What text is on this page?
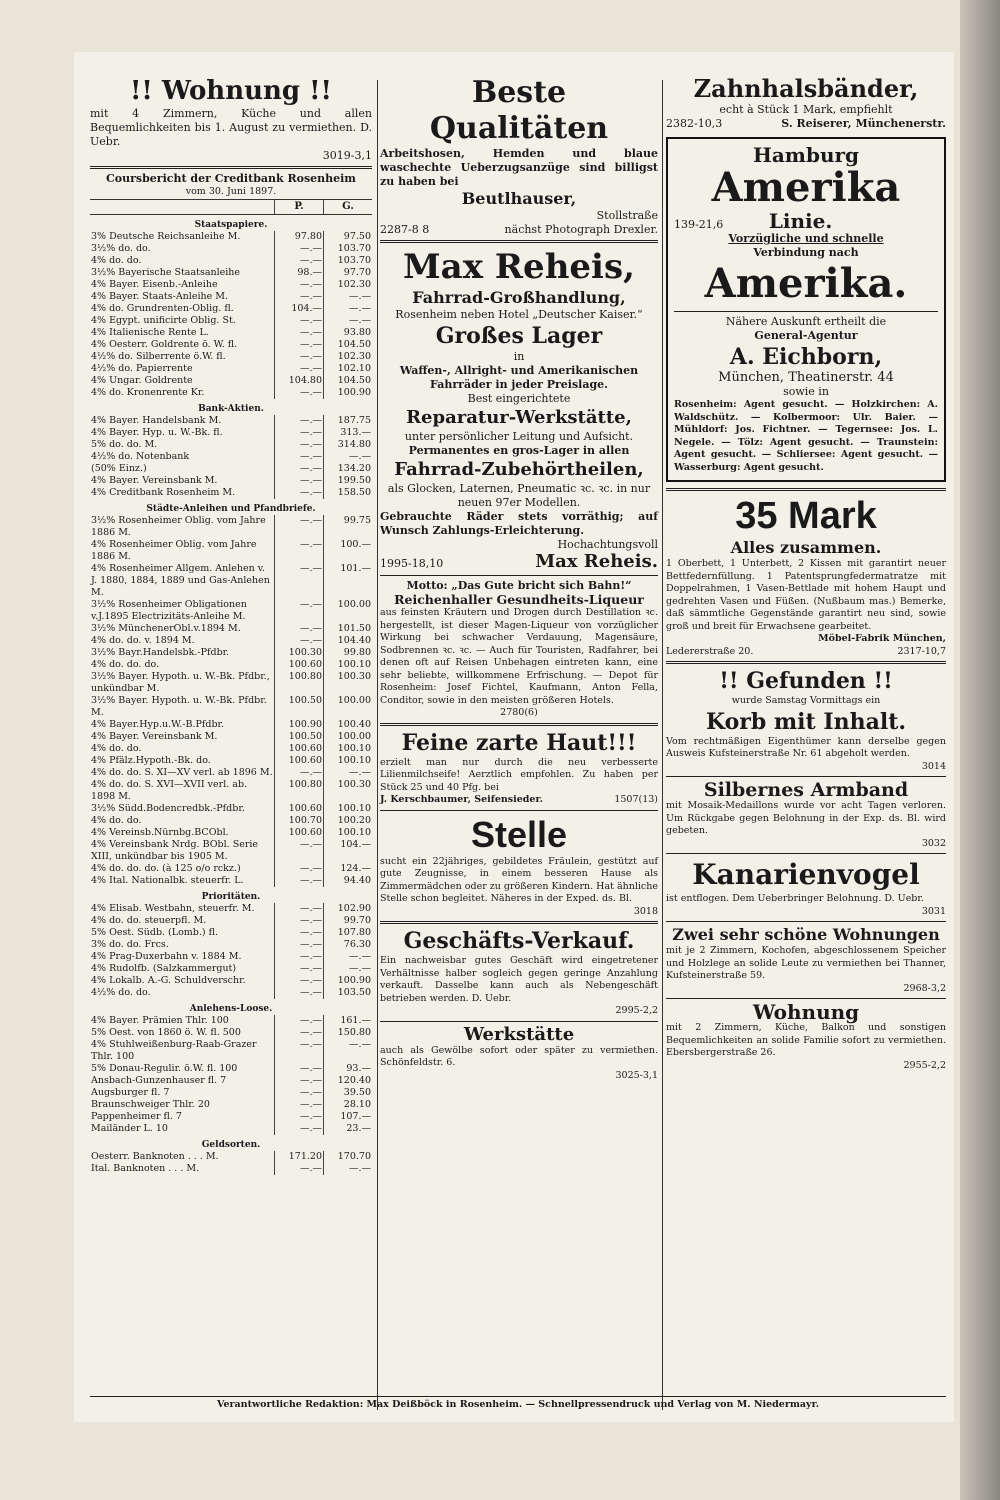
!! Wohnung !!
mit 4 Zimmern, Küche und allen Bequemlichkeiten bis 1. August zu vermiethen. D. Uebr.
3019-3,1
Coursbericht der Creditbank Rosenheim
vom 30. Juni 1897.
	P.	G.
Staatspapiere.		
3% Deutsche Reichsanleihe M.	97.80	97.50
3½% do. do.	—.—	103.70
4% do. do.	—.—	103.70
3½% Bayerische Staatsanleihe	98.—	97.70
4% Bayer. Eisenb.-Anleihe	—.—	102.30
4% Bayer. Staats-Anleihe M.	—.—	—.—
4% do. Grundrenten-Oblig. fl.	104.—	—.—
4% Egypt. unificirte Oblig. St.	—.—	—.—
4% Italienische Rente L.	—.—	93.80
4% Oesterr. Goldrente ö. W. fl.	—.—	104.50
4½% do. Silberrente ö.W. fl.	—.—	102.30
4½% do. Papierrente	—.—	102.10
4% Ungar. Goldrente	104.80	104.50
4% do. Kronenrente Kr.	—.—	100.90
Bank-Aktien.		
4% Bayer. Handelsbank M.	—.—	187.75
4% Bayer. Hyp. u. W.-Bk. fl.	—.—	313.—
5% do. do. M.	—.—	314.80
4½% do. Notenbank	—.—	—.—
(50% Einz.)	—.—	134.20
4% Bayer. Vereinsbank M.	—.—	199.50
4% Creditbank Rosenheim M.	—.—	158.50
Städte-Anleihen und Pfandbriefe.		
3½% Rosenheimer Oblig. vom Jahre 1886 M.	—.—	99.75
4% Rosenheimer Oblig. vom Jahre 1886 M.	—.—	100.—
4% Rosenheimer Allgem. Anlehen v. J. 1880, 1884, 1889 und Gas-Anlehen M.	—.—	101.—
3½% Rosenheimer Obligationen v.J.1895 Electrizitäts-Anleihe M.	—.—	100.00
3½% MünchenerObl.v.1894 M.	—.—	101.50
4% do. do. v. 1894 M.	—.—	104.40
3½% Bayr.Handelsbk.-Pfdbr.	100.30	99.80
4% do. do. do.	100.60	100.10
3½% Bayer. Hypoth. u. W.-Bk. Pfdbr., unkündbar M.	100.80	100.30
3½% Bayer. Hypoth. u. W.-Bk. Pfdbr. M.	100.50	100.00
4% Bayer.Hyp.u.W.-B.Pfdbr.	100.90	100.40
4% Bayer. Vereinsbank M.	100.50	100.00
4% do. do.	100.60	100.10
4% Pfälz.Hypoth.-Bk. do.	100.60	100.10
4% do. do. S. XI—XV verl. ab 1896 M.	—.—	—.—
4% do. do. S. XVI—XVII verl. ab. 1898 M.	100.80	100.30
3½% Südd.Bodencredbk.-Pfdbr.	100.60	100.10
4% do. do.	100.70	100.20
4% Vereinsb.Nürnbg.BCObl.	100.60	100.10
4% Vereinsbank Nrdg. BObl. Serie XIII, unkündbar bis 1905 M.	—.—	104.—
4% do. do. do. (à 125 o/o rckz.)	—.—	124.—
4% Ital. Nationalbk. steuerfr. L.	—.—	94.40
Prioritäten.		
4% Elisab. Westbahn, steuerfr. M.	—.—	102.90
4% do. do. steuerpfl. M.	—.—	99.70
5% Oest. Südb. (Lomb.) fl.	—.—	107.80
3% do. do. Frcs.	—.—	76.30
4% Prag-Duxerbahn v. 1884 M.	—.—	—.—
4% Rudolfb. (Salzkammergut)	—.—	—.—
4% Lokalb. A.-G. Schuldverschr.	—.—	100.90
4½% do. do.	—.—	103.50
Anlehens-Loose.		
4% Bayer. Prämien Thlr. 100	—.—	161.—
5% Oest. von 1860 ö. W. fl. 500	—.—	150.80
4% Stuhlweißenburg-Raab-Grazer Thlr. 100	—.—	—.—
5% Donau-Regulir. ö.W. fl. 100	—.—	93.—
Ansbach-Gunzenhauser fl. 7	—.—	120.40
Augsburger fl. 7	—.—	39.50
Braunschweiger Thlr. 20	—.—	28.10
Pappenheimer fl. 7	—.—	107.—
Mailänder L. 10	—.—	23.—
Geldsorten.		
Oesterr. Banknoten . . . M.	171.20	170.70
Ital. Banknoten . . . M.	—.—	—.—
Beste Qualitäten
Arbeitshosen, Hemden und blaue waschechte Ueberzugsanzüge sind billigst zu haben bei
Beutlhauser,
Stollstraße
2287-8 8	nächst Photograph Drexler.
Max Reheis,
Fahrrad-Großhandlung,
Rosenheim neben Hotel „Deutscher Kaiser.“
Großes Lager
in
Waffen-, Allright- und Amerikanischen Fahrräder in jeder Preislage.
Best eingerichtete
Reparatur-Werkstätte,
unter persönlicher Leitung und Aufsicht.
Permanentes en gros-Lager in allen
Fahrrad-Zubehörtheilen,
als Glocken, Laternen, Pneumatic ꝛc. ꝛc. in nur neuen 97er Modellen.
Gebrauchte Räder stets vorräthig; auf Wunsch Zahlungs-Erleichterung.
Hochachtungsvoll
1995-18,10	Max Reheis.
Motto: „Das Gute bricht sich Bahn!“
Reichenhaller Gesundheits-Liqueur
aus feinsten Kräutern und Drogen durch Destillation ꝛc. hergestellt, ist dieser Magen-Liqueur von vorzüglicher Wirkung bei schwacher Verdauung, Magensäure, Sodbrennen ꝛc. ꝛc. — Auch für Touristen, Radfahrer, bei denen oft auf Reisen Unbehagen eintreten kann, eine sehr beliebte, willkommene Erfrischung. — Depot für Rosenheim: Josef Fichtel, Kaufmann, Anton Fella, Conditor, sowie in den meisten größeren Hotels.
2780(6)
Feine zarte Haut!!!
erzielt man nur durch die neu verbesserte Lilienmilchseife! Aerztlich empfohlen. Zu haben per Stück 25 und 40 Pfg. bei
J. Kerschbaumer, Seifensieder.	1507(13)
Stelle
sucht ein 22jähriges, gebildetes Fräulein, gestützt auf gute Zeugnisse, in einem besseren Hause als Zimmermädchen oder zu größeren Kindern. Hat ähnliche Stelle schon begleitet. Näheres in der Exped. ds. Bl.
3018
Geschäfts-Verkauf.
Ein nachweisbar gutes Geschäft wird eingetretener Verhältnisse halber sogleich gegen geringe Anzahlung verkauft. Dasselbe kann auch als Nebengeschäft betrieben werden. D. Uebr.
2995-2,2
Werkstätte
auch als Gewölbe sofort oder später zu vermiethen. Schönfeldstr. 6.
3025-3,1
Zahnhalsbänder,
echt à Stück 1 Mark, empfiehlt
2382-10,3	S. Reiserer, Münchenerstr.
Hamburg
Amerika
139-21,6 Linie.
Vorzügliche und schnelle
Verbindung nach
Amerika.
Nähere Auskunft ertheilt die
General-Agentur
A. Eichborn,
München, Theatinerstr. 44
sowie in
Rosenheim: Agent gesucht. — Holzkirchen: A. Waldschütz. — Kolbermoor: Ulr. Baier. — Mühldorf: Jos. Fichtner. — Tegernsee: Jos. L. Negele. — Tölz: Agent gesucht. — Traunstein: Agent gesucht. — Schliersee: Agent gesucht. — Wasserburg: Agent gesucht.
35 Mark
Alles zusammen.
1 Oberbett, 1 Unterbett, 2 Kissen mit garantirt neuer Bettfedernfüllung. 1 Patentsprungfedermatratze mit Doppelrahmen, 1 Vasen-Bettlade mit hohem Haupt und gedrehten Vasen und Füßen. (Nußbaum mas.) Bemerke, daß sämmtliche Gegenstände garantirt neu sind, sowie groß und breit für Erwachsene gearbeitet.
Möbel-Fabrik München,
Ledererstraße 20.	2317-10,7
!! Gefunden !!
wurde Samstag Vormittags ein
Korb mit Inhalt.
Vom rechtmäßigen Eigenthümer kann derselbe gegen Ausweis Kufsteinerstraße Nr. 61 abgeholt werden.
3014
Silbernes Armband
mit Mosaik-Medaillons wurde vor acht Tagen verloren. Um Rückgabe gegen Belohnung in der Exp. ds. Bl. wird gebeten.
3032
Kanarienvogel
ist entflogen. Dem Ueberbringer Belohnung. D. Uebr.
3031
Zwei sehr schöne Wohnungen
mit je 2 Zimmern, Kochofen, abgeschlossenem Speicher und Holzlege an solide Leute zu vermiethen bei Thanner, Kufsteinerstraße 59.
2968-3,2
Wohnung
mit 2 Zimmern, Küche, Balkon und sonstigen Bequemlichkeiten an solide Familie sofort zu vermiethen. Ebersbergerstraße 26.
2955-2,2
Verantwortliche Redaktion: Max Deißböck in Rosenheim. — Schnellpressendruck und Verlag von M. Niedermayr.
